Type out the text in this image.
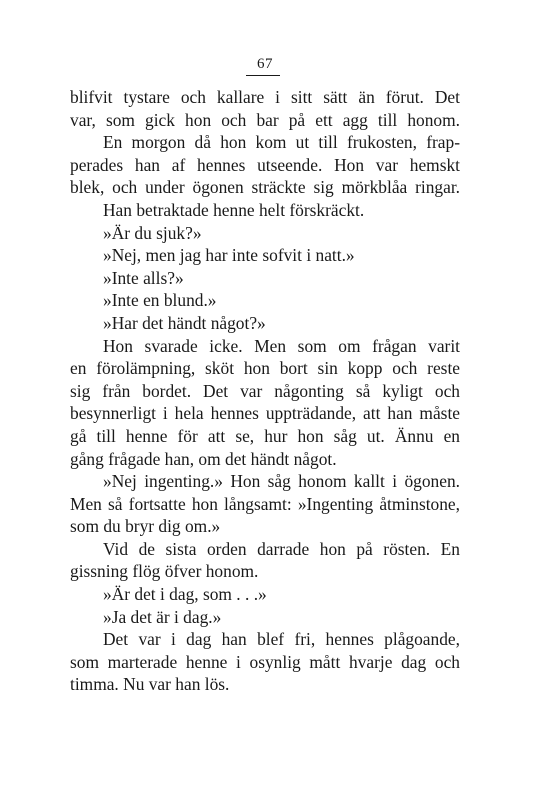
67
blifvit tystare och kallare i sitt sätt än förut. Det
var, som gick hon och bar på ett agg till honom.
En morgon då hon kom ut till frukosten, frap-
perades han af hennes utseende. Hon var hemskt
blek, och under ögonen sträckte sig mörkblåa ringar.
Han betraktade henne helt förskräckt.
»Är du sjuk?»
»Nej, men jag har inte sofvit i natt.»
»Inte alls?»
»Inte en blund.»
»Har det händt något?»
Hon svarade icke. Men som om frågan varit
en förolämpning, sköt hon bort sin kopp och reste
sig från bordet. Det var någonting så kyligt och
besynnerligt i hela hennes uppträdande, att han måste
gå till henne för att se, hur hon såg ut. Ännu en
gång frågade han, om det händt något.
»Nej ingenting.» Hon såg honom kallt i ögonen.
Men så fortsatte hon långsamt: »Ingenting åtminstone,
som du bryr dig om.»
Vid de sista orden darrade hon på rösten. En
gissning flög öfver honom.
»Är det i dag, som . . .»
»Ja det är i dag.»
Det var i dag han blef fri, hennes plågoande,
som marterade henne i osynlig mått hvarje dag och
timma. Nu var han lös.
